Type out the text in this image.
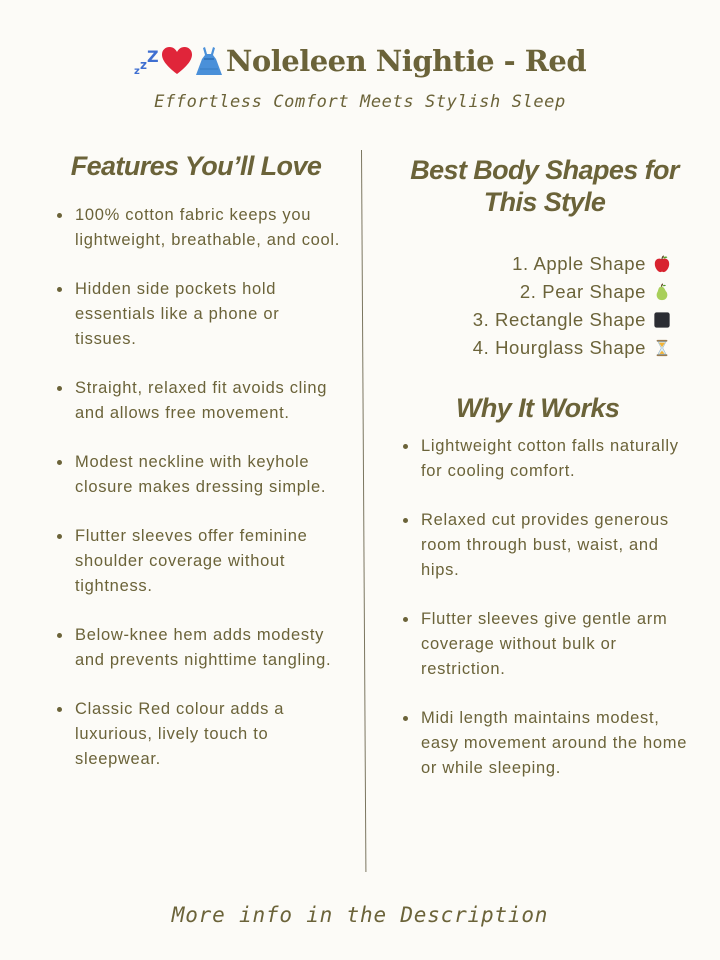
z z Z Noleleen Nightie - Red
Effortless Comfort Meets Stylish Sleep
Features You’ll Love
100% cotton fabric keeps you lightweight, breathable, and cool.
Hidden side pockets hold essentials like a phone or tissues.
Straight, relaxed fit avoids cling and allows free movement.
Modest neckline with keyhole closure makes dressing simple.
Flutter sleeves offer feminine shoulder coverage without tightness.
Below-knee hem adds modesty and prevents nighttime tangling.
Classic Red colour adds a luxurious, lively touch to sleepwear.
Best Body Shapes for This Style
1. Apple Shape
2. Pear Shape
3. Rectangle Shape
4. Hourglass Shape
Why It Works
Lightweight cotton falls naturally for cooling comfort.
Relaxed cut provides generous room through bust, waist, and hips.
Flutter sleeves give gentle arm coverage without bulk or restriction.
Midi length maintains modest, easy movement around the home or while sleeping.
More info in the Description
